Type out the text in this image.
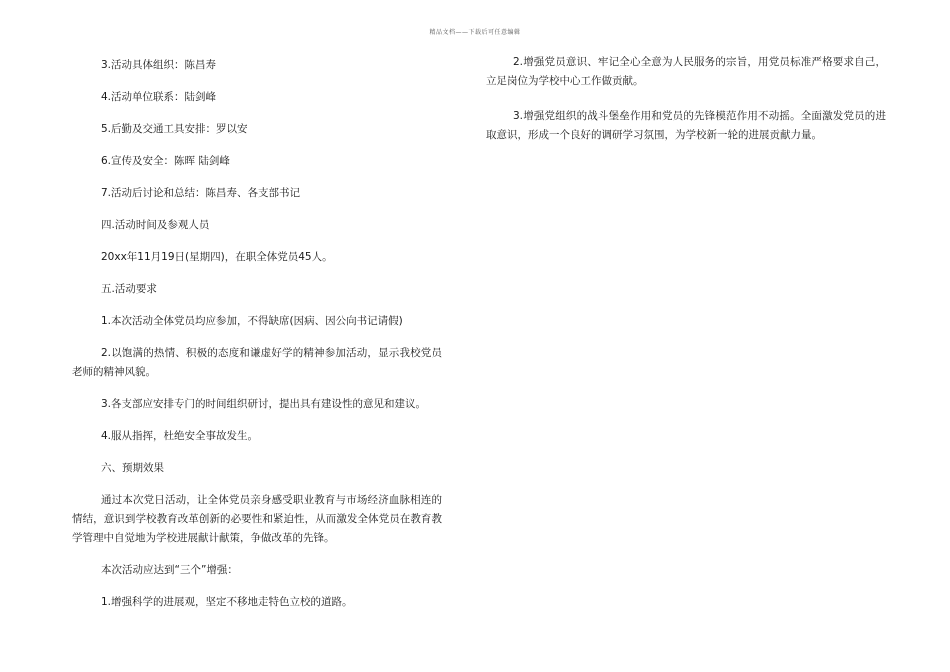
精品文档——下载后可任意编辑

3.活动具体组织：陈昌寿

4.活动单位联系：陆剑峰

5.后勤及交通工具安排：罗以安

6.宣传及安全：陈晖 陆剑峰

7.活动后讨论和总结：陈昌寿、各支部书记

四.活动时间及参观人员

20xx年11月19日(星期四)，在职全体党员45人。

五.活动要求

1.本次活动全体党员均应参加，不得缺席(因病、因公向书记请假)

2.以饱满的热情、积极的态度和谦虚好学的精神参加活动，显示我校党员老师的精神风貌。

3.各支部应安排专门的时间组织研讨，提出具有建设性的意见和建议。

4.服从指挥，杜绝安全事故发生。

六、预期效果

通过本次党日活动，让全体党员亲身感受职业教育与市场经济血脉相连的情结，意识到学校教育改革创新的必要性和紧迫性，从而激发全体党员在教育教学管理中自觉地为学校进展献计献策，争做改革的先锋。

本次活动应达到“三个”增强：

1.增强科学的进展观，坚定不移地走特色立校的道路。

2.增强党员意识、牢记全心全意为人民服务的宗旨，用党员标准严格要求自己，立足岗位为学校中心工作做贡献。

3.增强党组织的战斗堡垒作用和党员的先锋模范作用不动摇。全面激发党员的进取意识，形成一个良好的调研学习氛围，为学校新一轮的进展贡献力量。
